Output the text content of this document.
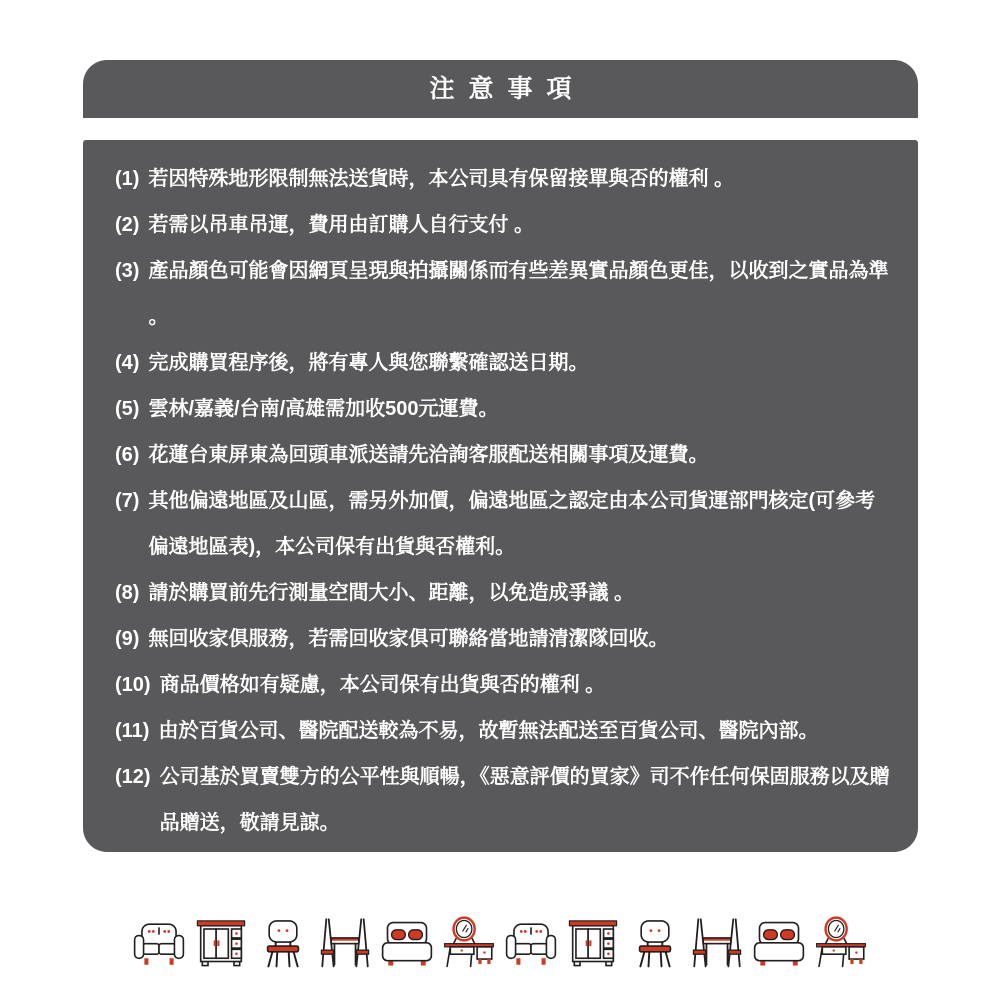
注意事項
(1) 若因特殊地形限制無法送貨時，本公司具有保留接單與否的權利 。
(2) 若需以吊車吊運，費用由訂購人自行支付 。
(3) 產品顏色可能會因網頁呈現與拍攝關係而有些差異實品顏色更佳，以收到之實品為準 。
(4) 完成購買程序後，將有專人與您聯繫確認送日期。
(5) 雲林/嘉義/台南/高雄需加收500元運費。
(6) 花蓮台東屏東為回頭車派送請先洽詢客服配送相關事項及運費。
(7) 其他偏遠地區及山區，需另外加價，偏遠地區之認定由本公司貨運部門核定(可參考偏遠地區表)，本公司保有出貨與否權利。
(8) 請於購買前先行測量空間大小、距離，以免造成爭議 。
(9) 無回收家俱服務，若需回收家俱可聯絡當地請清潔隊回收。
(10) 商品價格如有疑慮，本公司保有出貨與否的權利 。
(11) 由於百貨公司、醫院配送較為不易，故暫無法配送至百貨公司、醫院內部。
(12) 公司基於買賣雙方的公平性與順暢，《惡意評價的買家》司不作任何保固服務以及贈品贈送，敬請見諒。
